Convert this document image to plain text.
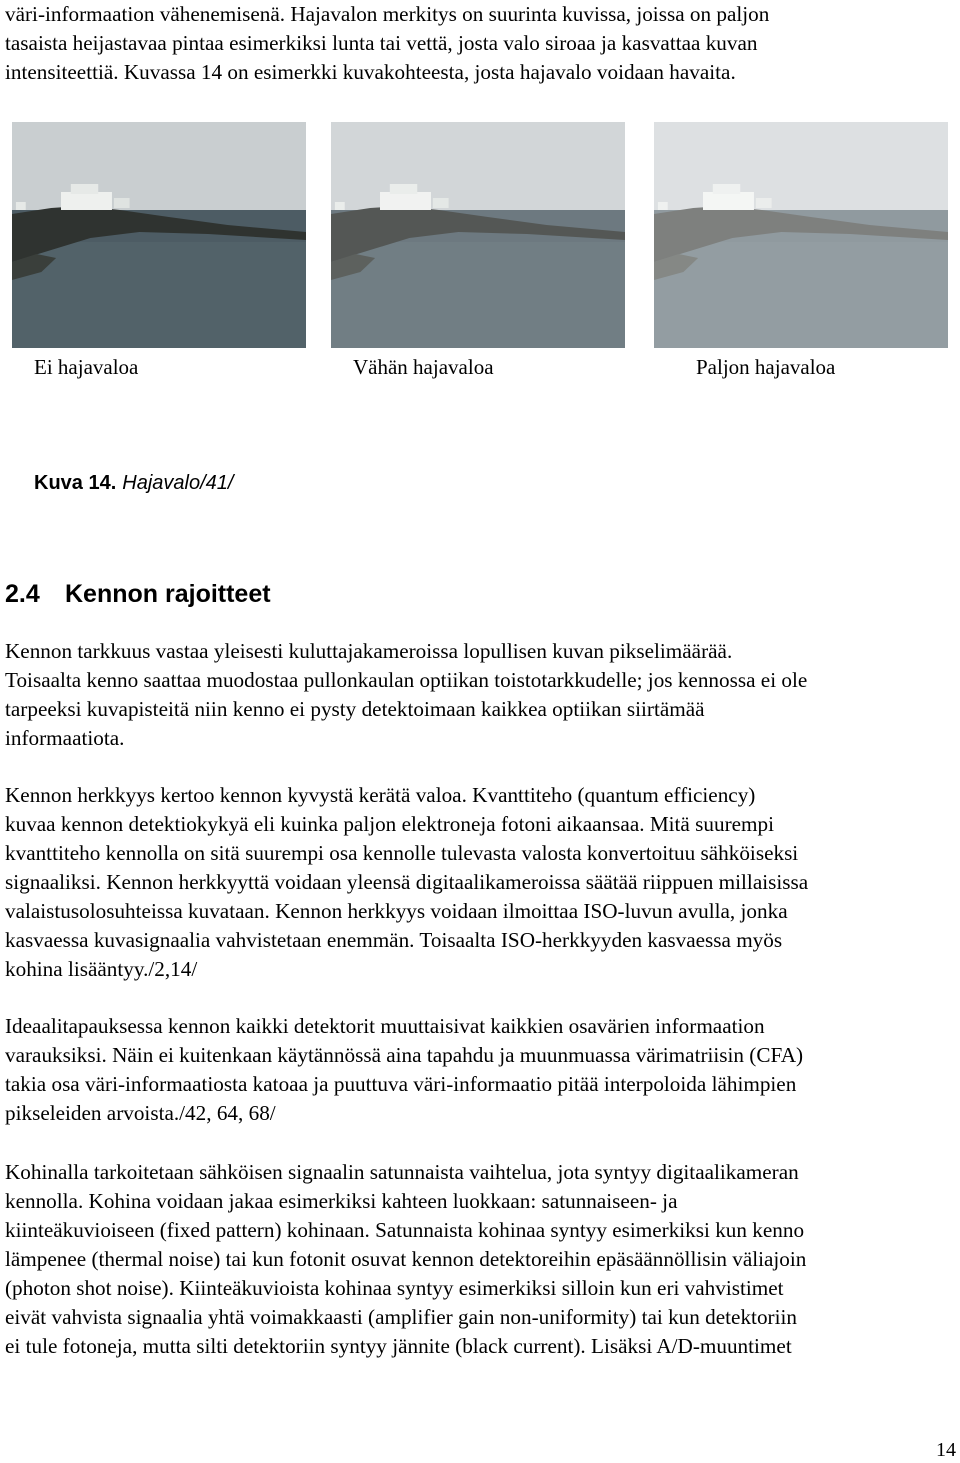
väri-informaation vähenemisenä. Hajavalon merkitys on suurinta kuvissa, joissa on paljon
tasaista heijastavaa pintaa esimerkiksi lunta tai vettä, josta valo siroaa ja kasvattaa kuvan
intensiteettiä. Kuvassa 14 on esimerkki kuvakohteesta, josta hajavalo voidaan havaita.
Ei hajavaloa	Vähän hajavaloa	Paljon hajavaloa
Kuva 14. Hajavalo/41/
2.4 Kennon rajoitteet
Kennon tarkkuus vastaa yleisesti kuluttajakameroissa lopullisen kuvan pikselimäärää.
Toisaalta kenno saattaa muodostaa pullonkaulan optiikan toistotarkkudelle; jos kennossa ei ole
tarpeeksi kuvapisteitä niin kenno ei pysty detektoimaan kaikkea optiikan siirtämää
informaatiota.
Kennon herkkyys kertoo kennon kyvystä kerätä valoa. Kvanttiteho (quantum efficiency)
kuvaa kennon detektiokykyä eli kuinka paljon elektroneja fotoni aikaansaa. Mitä suurempi
kvanttiteho kennolla on sitä suurempi osa kennolle tulevasta valosta konvertoituu sähköiseksi
signaaliksi. Kennon herkkyyttä voidaan yleensä digitaalikameroissa säätää riippuen millaisissa
valaistusolosuhteissa kuvataan. Kennon herkkyys voidaan ilmoittaa ISO-luvun avulla, jonka
kasvaessa kuvasignaalia vahvistetaan enemmän. Toisaalta ISO-herkkyyden kasvaessa myös
kohina lisääntyy./2,14/
Ideaalitapauksessa kennon kaikki detektorit muuttaisivat kaikkien osavärien informaation
varauksiksi. Näin ei kuitenkaan käytännössä aina tapahdu ja muunmuassa värimatriisin (CFA)
takia osa väri-informaatiosta katoaa ja puuttuva väri-informaatio pitää interpoloida lähimpien
pikseleiden arvoista./42, 64, 68/
Kohinalla tarkoitetaan sähköisen signaalin satunnaista vaihtelua, jota syntyy digitaalikameran
kennolla. Kohina voidaan jakaa esimerkiksi kahteen luokkaan: satunnaiseen- ja
kiinteäkuvioiseen (fixed pattern) kohinaan. Satunnaista kohinaa syntyy esimerkiksi kun kenno
lämpenee (thermal noise) tai kun fotonit osuvat kennon detektoreihin epäsäännöllisin väliajoin
(photon shot noise). Kiinteäkuvioista kohinaa syntyy esimerkiksi silloin kun eri vahvistimet
eivät vahvista signaalia yhtä voimakkaasti (amplifier gain non-uniformity) tai kun detektoriin
ei tule fotoneja, mutta silti detektoriin syntyy jännite (black current). Lisäksi A/D-muuntimet
14
